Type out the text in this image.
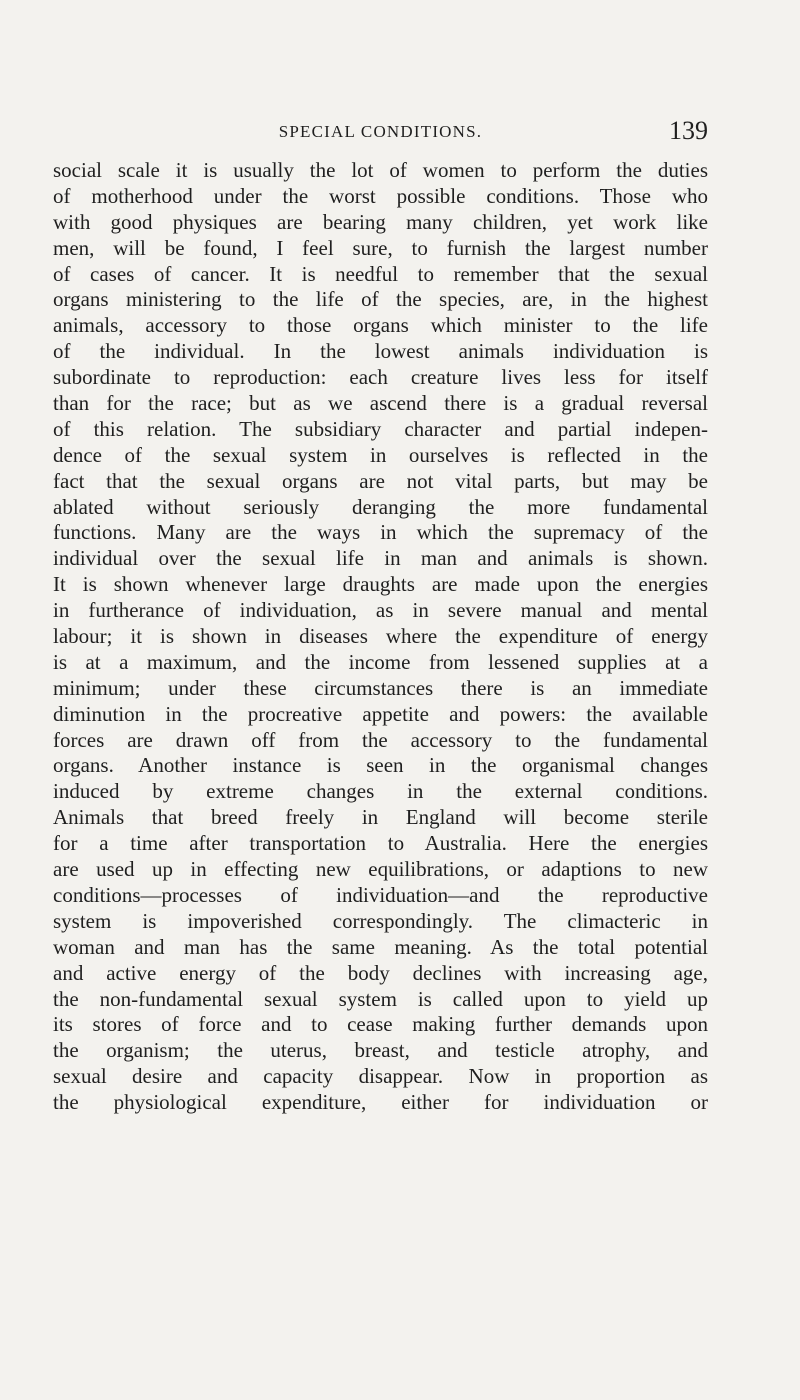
SPECIAL CONDITIONS.	139
social scale it is usually the lot of women to perform the duties
of motherhood under the worst possible conditions. Those who
with good physiques are bearing many children, yet work like
men, will be found, I feel sure, to furnish the largest number
of cases of cancer. It is needful to remember that the sexual
organs ministering to the life of the species, are, in the highest
animals, accessory to those organs which minister to the life
of the individual. In the lowest animals individuation is
subordinate to reproduction: each creature lives less for itself
than for the race; but as we ascend there is a gradual reversal
of this relation. The subsidiary character and partial indepen-
dence of the sexual system in ourselves is reflected in the
fact that the sexual organs are not vital parts, but may be
ablated without seriously deranging the more fundamental
functions. Many are the ways in which the supremacy of the
individual over the sexual life in man and animals is shown.
It is shown whenever large draughts are made upon the energies
in furtherance of individuation, as in severe manual and mental
labour; it is shown in diseases where the expenditure of energy
is at a maximum, and the income from lessened supplies at a
minimum; under these circumstances there is an immediate
diminution in the procreative appetite and powers: the available
forces are drawn off from the accessory to the fundamental
organs. Another instance is seen in the organismal changes
induced by extreme changes in the external conditions.
Animals that breed freely in England will become sterile
for a time after transportation to Australia. Here the energies
are used up in effecting new equilibrations, or adaptions to new
conditions—processes of individuation—and the reproductive
system is impoverished correspondingly. The climacteric in
woman and man has the same meaning. As the total potential
and active energy of the body declines with increasing age,
the non-fundamental sexual system is called upon to yield up
its stores of force and to cease making further demands upon
the organism; the uterus, breast, and testicle atrophy, and
sexual desire and capacity disappear. Now in proportion as
the physiological expenditure, either for individuation or
